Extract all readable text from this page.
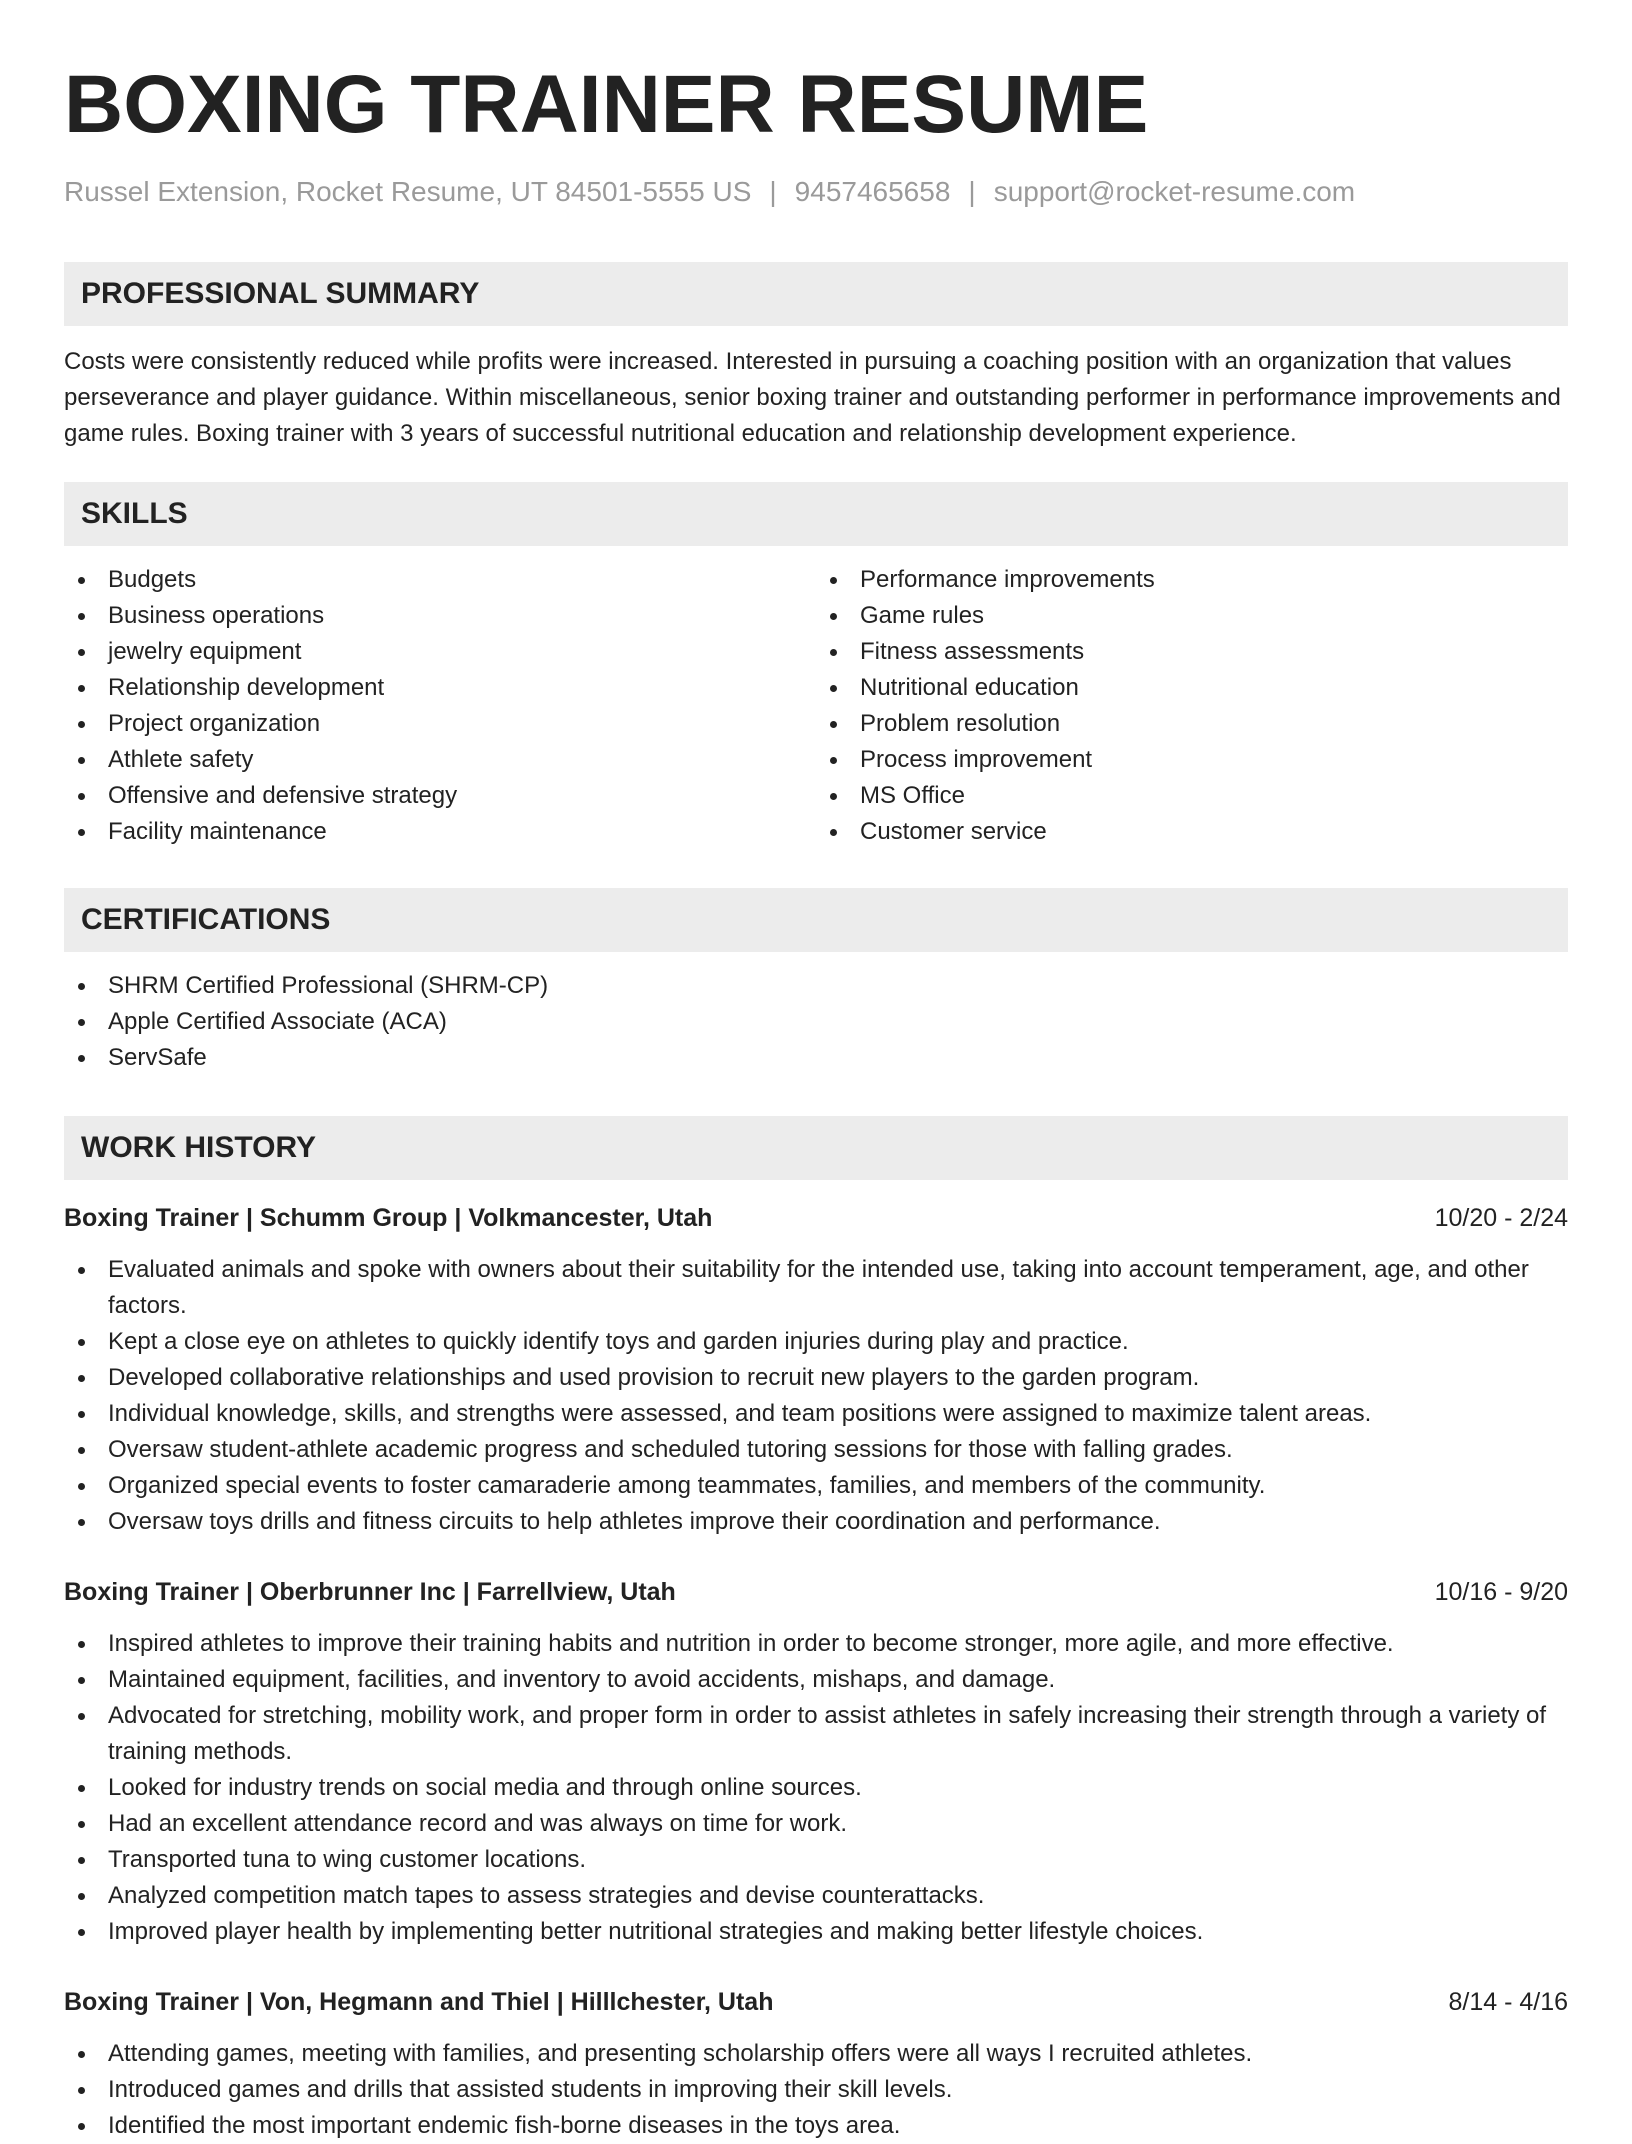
BOXING TRAINER RESUME
Russel Extension, Rocket Resume, UT 84501-5555 US | 9457465658 | support@rocket-resume.com
PROFESSIONAL SUMMARY

Costs were consistently reduced while profits were increased. Interested in pursuing a coaching position with an organization that values perseverance and player guidance. Within miscellaneous, senior boxing trainer and outstanding performer in performance improvements and game rules. Boxing trainer with 3 years of successful nutritional education and relationship development experience.

SKILLS
Budgets
Business operations
jewelry equipment
Relationship development
Project organization
Athlete safety
Offensive and defensive strategy
Facility maintenance
Performance improvements
Game rules
Fitness assessments
Nutritional education
Problem resolution
Process improvement
MS Office
Customer service
CERTIFICATIONS
SHRM Certified Professional (SHRM-CP)
Apple Certified Associate (ACA)
ServSafe
WORK HISTORY
Boxing Trainer | Schumm Group | Volkmancester, Utah	10/20 - 2/24
Evaluated animals and spoke with owners about their suitability for the intended use, taking into account temperament, age, and other factors.
Kept a close eye on athletes to quickly identify toys and garden injuries during play and practice.
Developed collaborative relationships and used provision to recruit new players to the garden program.
Individual knowledge, skills, and strengths were assessed, and team positions were assigned to maximize talent areas.
Oversaw student-athlete academic progress and scheduled tutoring sessions for those with falling grades.
Organized special events to foster camaraderie among teammates, families, and members of the community.
Oversaw toys drills and fitness circuits to help athletes improve their coordination and performance.
Boxing Trainer | Oberbrunner Inc | Farrellview, Utah	10/16 - 9/20
Inspired athletes to improve their training habits and nutrition in order to become stronger, more agile, and more effective.
Maintained equipment, facilities, and inventory to avoid accidents, mishaps, and damage.
Advocated for stretching, mobility work, and proper form in order to assist athletes in safely increasing their strength through a variety of training methods.
Looked for industry trends on social media and through online sources.
Had an excellent attendance record and was always on time for work.
Transported tuna to wing customer locations.
Analyzed competition match tapes to assess strategies and devise counterattacks.
Improved player health by implementing better nutritional strategies and making better lifestyle choices.
Boxing Trainer | Von, Hegmann and Thiel | Hilllchester, Utah	8/14 - 4/16
Attending games, meeting with families, and presenting scholarship offers were all ways I recruited athletes.
Introduced games and drills that assisted students in improving their skill levels.
Identified the most important endemic fish-borne diseases in the toys area.
